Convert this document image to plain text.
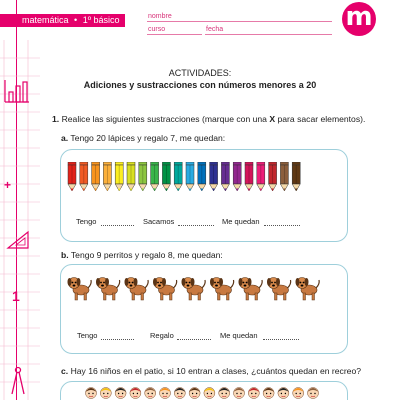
matemática • 1º básico	nombre
curso	fecha	m
+
1
ACTIVIDADES:
Adiciones y sustracciones con números menores a 20
1. Realice las siguientes sustracciones (marque con una X para sacar elementos).
a. Tengo 20 lápices y regalo 7, me quedan:
Tengo	Sacamos	Me quedan
b. Tengo 9 perritos y regalo 8, me quedan:
Tengo	Regalo	Me quedan
c. Hay 16 niños en el patio, si 10 entran a clases, ¿cuántos quedan en recreo?
